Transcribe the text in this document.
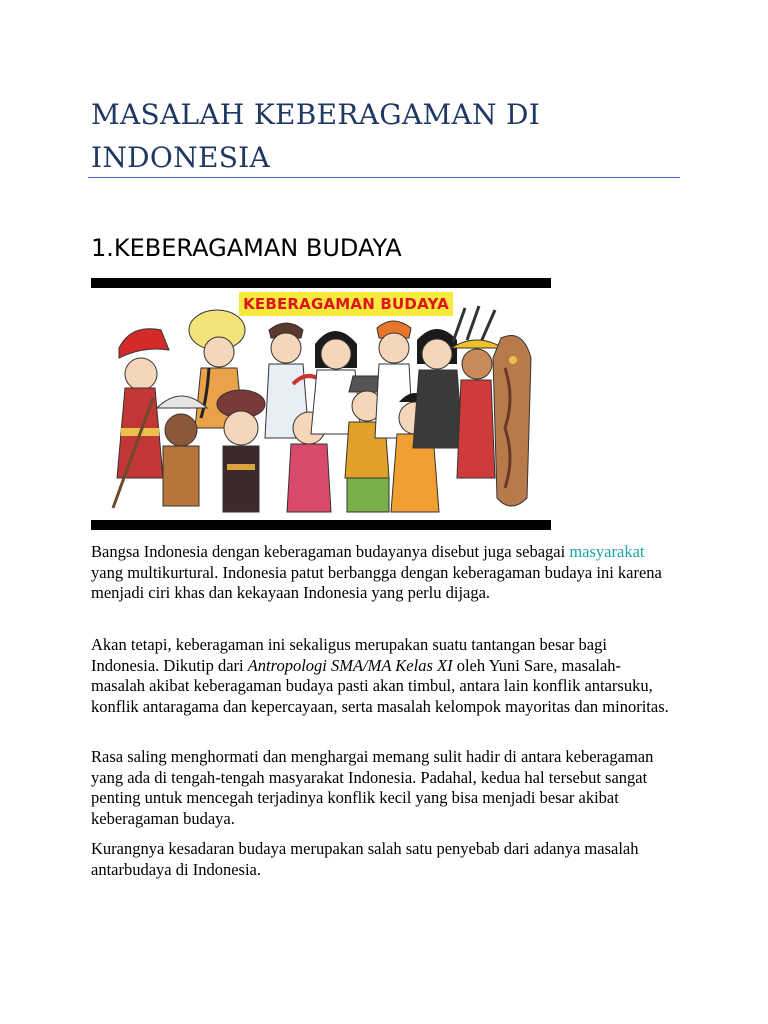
MASALAH KEBERAGAMAN DI INDONESIA
1.KEBERAGAMAN BUDAYA
KEBERAGAMAN BUDAYA

Bangsa Indonesia dengan keberagaman budayanya disebut juga sebagai masyarakat yang multikurtural. Indonesia patut berbangga dengan keberagaman budaya ini karena menjadi ciri khas dan kekayaan Indonesia yang perlu dijaga.

Akan tetapi, keberagaman ini sekaligus merupakan suatu tantangan besar bagi Indonesia. Dikutip dari Antropologi SMA/MA Kelas XI oleh Yuni Sare, masalah-masalah akibat keberagaman budaya pasti akan timbul, antara lain konflik antarsuku, konflik antaragama dan kepercayaan, serta masalah kelompok mayoritas dan minoritas.

Rasa saling menghormati dan menghargai memang sulit hadir di antara keberagaman yang ada di tengah-tengah masyarakat Indonesia. Padahal, kedua hal tersebut sangat penting untuk mencegah terjadinya konflik kecil yang bisa menjadi besar akibat keberagaman budaya.

Kurangnya kesadaran budaya merupakan salah satu penyebab dari adanya masalah antarbudaya di Indonesia.
